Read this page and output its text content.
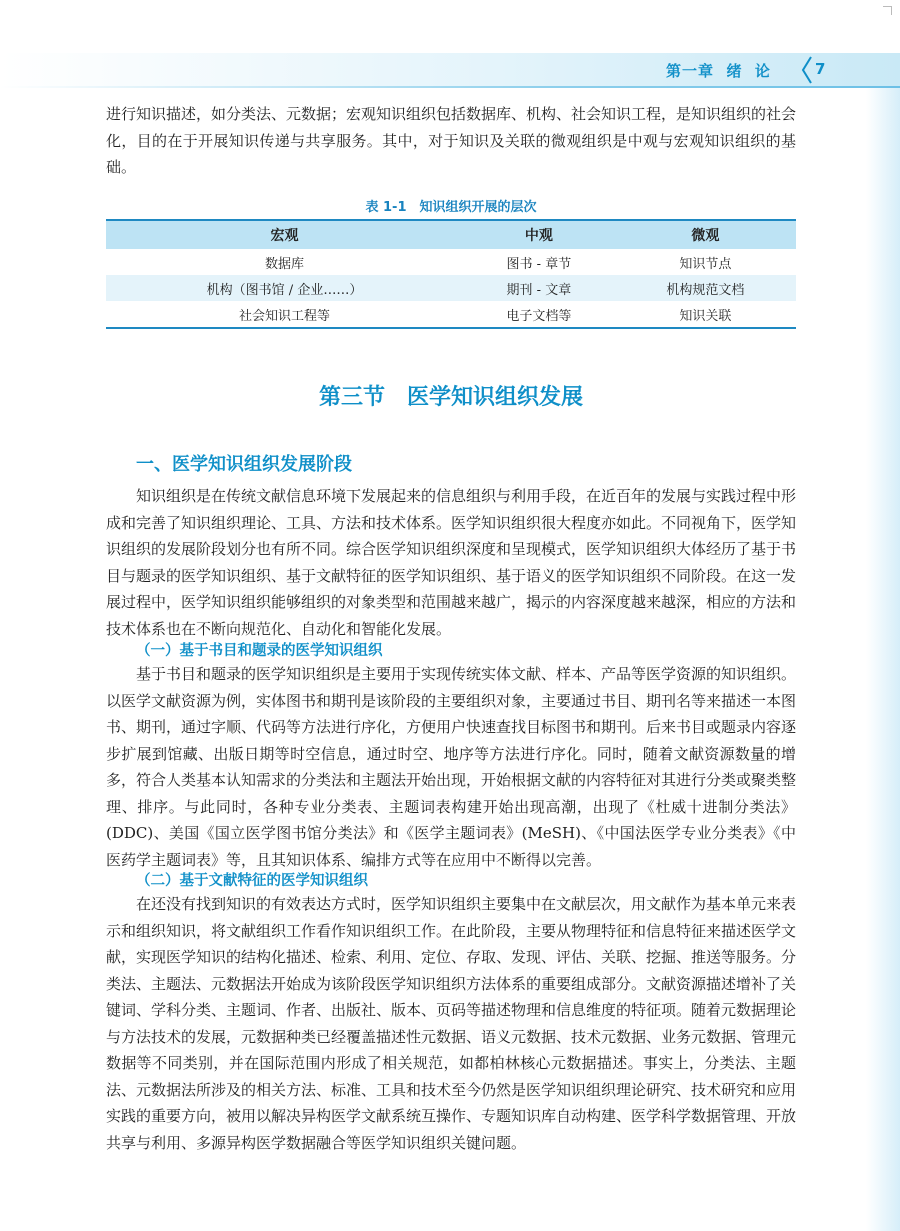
第一章  绪  论	7

进行知识描述，如分类法、元数据；宏观知识组织包括数据库、机构、社会知识工程，是知识组织的社会化，目的在于开展知识传递与共享服务。其中，对于知识及关联的微观组织是中观与宏观知识组织的基础。

表 1-1　知识组织开展的层次
宏观	中观	微观
数据库	图书 - 章节	知识节点
机构（图书馆 / 企业……）	期刊 - 文章	机构规范文档
社会知识工程等	电子文档等	知识关联
第三节　医学知识组织发展
一、医学知识组织发展阶段

知识组织是在传统文献信息环境下发展起来的信息组织与利用手段，在近百年的发展与实践过程中形成和完善了知识组织理论、工具、方法和技术体系。医学知识组织很大程度亦如此。不同视角下，医学知识组织的发展阶段划分也有所不同。综合医学知识组织深度和呈现模式，医学知识组织大体经历了基于书目与题录的医学知识组织、基于文献特征的医学知识组织、基于语义的医学知识组织不同阶段。在这一发展过程中，医学知识组织能够组织的对象类型和范围越来越广，揭示的内容深度越来越深，相应的方法和技术体系也在不断向规范化、自动化和智能化发展。

（一）基于书目和题录的医学知识组织

基于书目和题录的医学知识组织是主要用于实现传统实体文献、样本、产品等医学资源的知识组织。以医学文献资源为例，实体图书和期刊是该阶段的主要组织对象，主要通过书目、期刊名等来描述一本图书、期刊，通过字顺、代码等方法进行序化，方便用户快速查找目标图书和期刊。后来书目或题录内容逐步扩展到馆藏、出版日期等时空信息，通过时空、地序等方法进行序化。同时，随着文献资源数量的增多，符合人类基本认知需求的分类法和主题法开始出现，开始根据文献的内容特征对其进行分类或聚类整理、排序。与此同时，各种专业分类表、主题词表构建开始出现高潮，出现了《杜威十进制分类法》(DDC)、美国《国立医学图书馆分类法》和《医学主题词表》(MeSH)、《中国法医学专业分类表》《中医药学主题词表》等，且其知识体系、编排方式等在应用中不断得以完善。

（二）基于文献特征的医学知识组织

在还没有找到知识的有效表达方式时，医学知识组织主要集中在文献层次，用文献作为基本单元来表示和组织知识，将文献组织工作看作知识组织工作。在此阶段，主要从物理特征和信息特征来描述医学文献，实现医学知识的结构化描述、检索、利用、定位、存取、发现、评估、关联、挖掘、推送等服务。分类法、主题法、元数据法开始成为该阶段医学知识组织方法体系的重要组成部分。文献资源描述增补了关键词、学科分类、主题词、作者、出版社、版本、页码等描述物理和信息维度的特征项。随着元数据理论与方法技术的发展，元数据种类已经覆盖描述性元数据、语义元数据、技术元数据、业务元数据、管理元数据等不同类别，并在国际范围内形成了相关规范，如都柏林核心元数据描述。事实上，分类法、主题法、元数据法所涉及的相关方法、标准、工具和技术至今仍然是医学知识组织理论研究、技术研究和应用实践的重要方向，被用以解决异构医学文献系统互操作、专题知识库自动构建、医学科学数据管理、开放共享与利用、多源异构医学数据融合等医学知识组织关键问题。
